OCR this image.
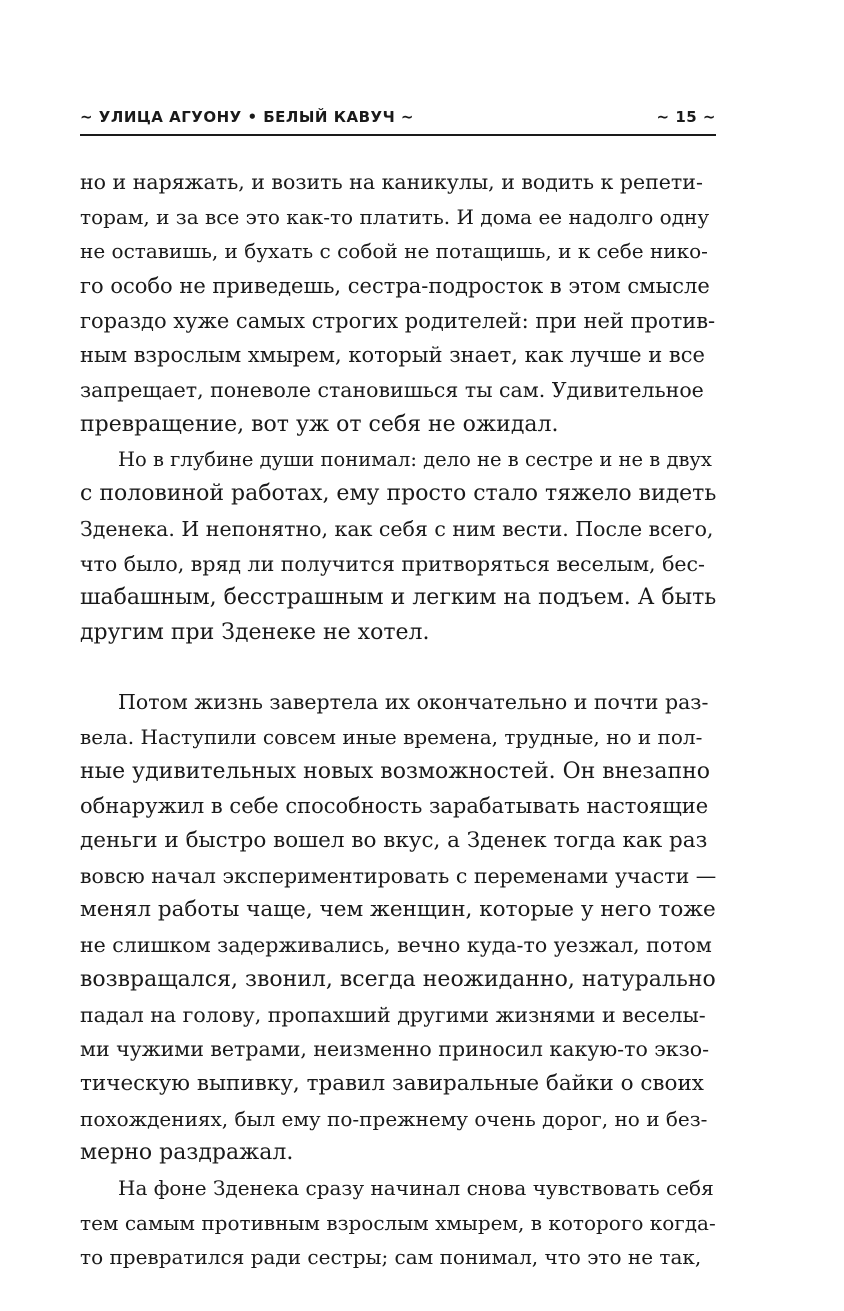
~ УЛИЦА АГУОНУ • БЕЛЫЙ КАВУЧ ~	~ 15 ~
но и наряжать, и возить на каникулы, и водить к репети-
торам, и за все это как-то платить. И дома ее надолго одну
не оставишь, и бухать с собой не потащишь, и к себе нико-
го особо не приведешь, сестра-подросток в этом смысле
гораздо хуже самых строгих родителей: при ней против-
ным взрослым хмырем, который знает, как лучше и все
запрещает, поневоле становишься ты сам. Удивительное
превращение, вот уж от себя не ожидал.
Но в глубине души понимал: дело не в сестре и не в двух
с половиной работах, ему просто стало тяжело видеть
Зденека. И непонятно, как себя с ним вести. После всего,
что было, вряд ли получится притворяться веселым, бес-
шабашным, бесстрашным и легким на подъем. А быть
другим при Зденеке не хотел.
Потом жизнь завертела их окончательно и почти раз-
вела. Наступили совсем иные времена, трудные, но и пол-
ные удивительных новых возможностей. Он внезапно
обнаружил в себе способность зарабатывать настоящие
деньги и быстро вошел во вкус, а Зденек тогда как раз
вовсю начал экспериментировать с переменами участи —
менял работы чаще, чем женщин, которые у него тоже
не слишком задерживались, вечно куда-то уезжал, потом
возвращался, звонил, всегда неожиданно, натурально
падал на голову, пропахший другими жизнями и веселы-
ми чужими ветрами, неизменно приносил какую-то экзо-
тическую выпивку, травил завиральные байки о своих
похождениях, был ему по-прежнему очень дорог, но и без-
мерно раздражал.
На фоне Зденека сразу начинал снова чувствовать себя
тем самым противным взрослым хмырем, в которого когда-
то превратился ради сестры; сам понимал, что это не так,
